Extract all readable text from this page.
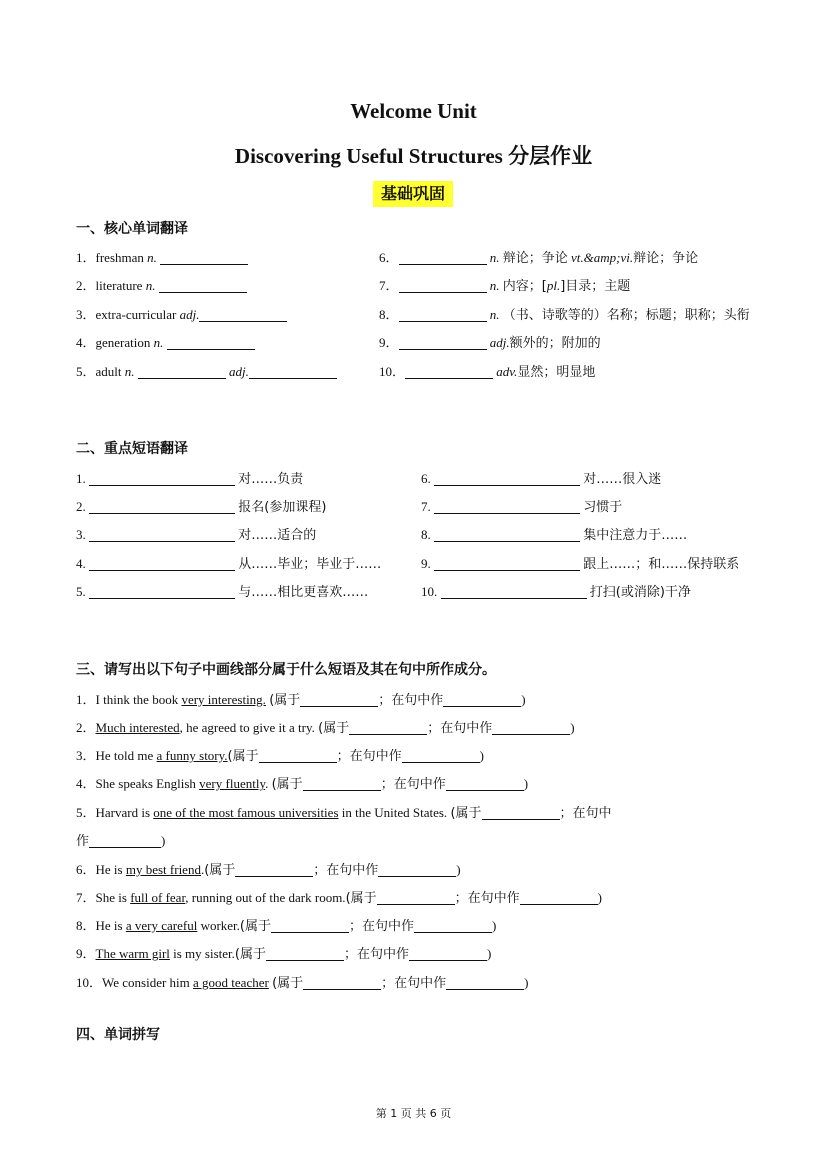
Welcome Unit
Discovering Useful Structures 分层作业
基础巩固
一、核心单词翻译
1．freshman n.
2．literature n.
3．extra-curricular adj.
4．generation n.
5．adult n.	adj.
6．	n. 辩论；争论 vt.&amp;vi.辩论；争论
7．	n. 内容；[pl.]目录；主题
8．	n. （书、诗歌等的）名称；标题；职称；头衔
9．	adj.额外的；附加的
10．	adv.显然；明显地
二、重点短语翻译
1.	对……负责
2.	报名(参加课程)
3.	对……适合的
4.	从……毕业；毕业于……
5.	与……相比更喜欢……
6.	对……很入迷
7.	习惯于
8.	集中注意力于……
9.	跟上……；和……保持联系
10.	打扫(或消除)干净
三、请写出以下句子中画线部分属于什么短语及其在句中所作成分。
1．I think the book very interesting. (属于	；在句中作	)
2．Much interested, he agreed to give it a try. (属于	；在句中作	)
3．He told me a funny story.(属于	；在句中作	)
4．She speaks English very fluently. (属于	；在句中作	)
5．Harvard is one of the most famous universities in the United States. (属于	；在句中
作	)
6．He is my best friend.(属于	；在句中作	)
7．She is full of fear, running out of the dark room.(属于	；在句中作	)
8．He is a very careful worker.(属于	；在句中作	)
9．The warm girl is my sister.(属于	；在句中作	)
10．We consider him a good teacher (属于	；在句中作	)
四、单词拼写
第 1 页 共 6 页
